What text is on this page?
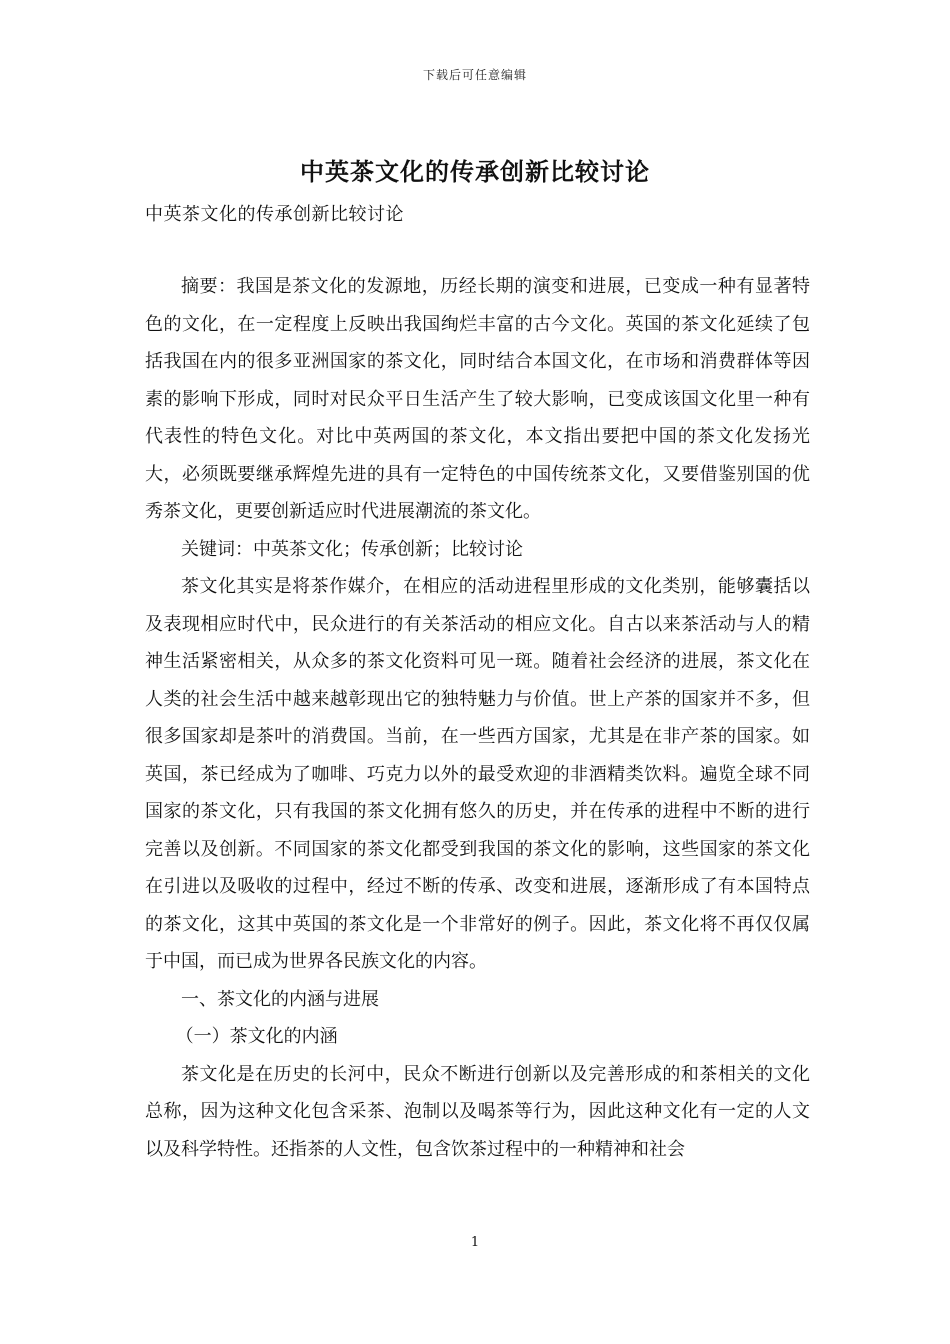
下载后可任意编辑
中英茶文化的传承创新比较讨论
中英茶文化的传承创新比较讨论

摘要：我国是茶文化的发源地，历经长期的演变和进展，已变成一种有显著特色的文化，在一定程度上反映出我国绚烂丰富的古今文化。英国的茶文化延续了包括我国在内的很多亚洲国家的茶文化，同时结合本国文化，在市场和消费群体等因素的影响下形成，同时对民众平日生活产生了较大影响，已变成该国文化里一种有代表性的特色文化。对比中英两国的茶文化，本文指出要把中国的茶文化发扬光大，必须既要继承辉煌先进的具有一定特色的中国传统茶文化，又要借鉴别国的优秀茶文化，更要创新适应时代进展潮流的茶文化。

关键词：中英茶文化；传承创新；比较讨论

茶文化其实是将茶作媒介，在相应的活动进程里形成的文化类别，能够囊括以及表现相应时代中，民众进行的有关茶活动的相应文化。自古以来茶活动与人的精神生活紧密相关，从众多的茶文化资料可见一斑。随着社会经济的进展，茶文化在人类的社会生活中越来越彰现出它的独特魅力与价值。世上产茶的国家并不多，但很多国家却是茶叶的消费国。当前，在一些西方国家，尤其是在非产茶的国家。如英国，茶已经成为了咖啡、巧克力以外的最受欢迎的非酒精类饮料。遍览全球不同国家的茶文化，只有我国的茶文化拥有悠久的历史，并在传承的进程中不断的进行完善以及创新。不同国家的茶文化都受到我国的茶文化的影响，这些国家的茶文化在引进以及吸收的过程中，经过不断的传承、改变和进展，逐渐形成了有本国特点的茶文化，这其中英国的茶文化是一个非常好的例子。因此，茶文化将不再仅仅属于中国，而已成为世界各民族文化的内容。

一、茶文化的内涵与进展

（一）茶文化的内涵

茶文化是在历史的长河中，民众不断进行创新以及完善形成的和茶相关的文化总称，因为这种文化包含采茶、泡制以及喝茶等行为，因此这种文化有一定的人文以及科学特性。还指茶的人文性，包含饮茶过程中的一种精神和社会

1
